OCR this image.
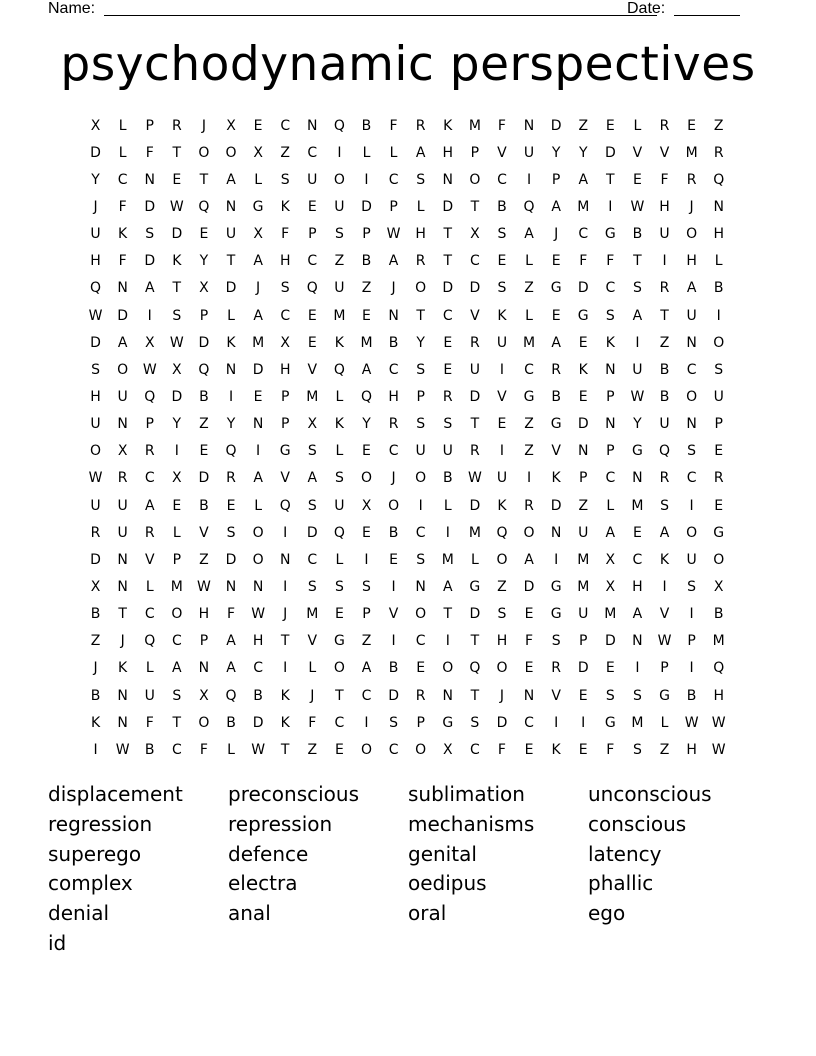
Name:	Date:
psychodynamic perspectives
X	L	P	R	J	X	E	C	N	Q	B	F	R	K	M	F	N	D	Z	E	L	R	E	Z
D	L	F	T	O	O	X	Z	C	I	L	L	A	H	P	V	U	Y	Y	D	V	V	M	R
Y	C	N	E	T	A	L	S	U	O	I	C	S	N	O	C	I	P	A	T	E	F	R	Q
J	F	D	W	Q	N	G	K	E	U	D	P	L	D	T	B	Q	A	M	I	W	H	J	N
U	K	S	D	E	U	X	F	P	S	P	W	H	T	X	S	A	J	C	G	B	U	O	H
H	F	D	K	Y	T	A	H	C	Z	B	A	R	T	C	E	L	E	F	F	T	I	H	L
Q	N	A	T	X	D	J	S	Q	U	Z	J	O	D	D	S	Z	G	D	C	S	R	A	B
W	D	I	S	P	L	A	C	E	M	E	N	T	C	V	K	L	E	G	S	A	T	U	I
D	A	X	W	D	K	M	X	E	K	M	B	Y	E	R	U	M	A	E	K	I	Z	N	O
S	O	W	X	Q	N	D	H	V	Q	A	C	S	E	U	I	C	R	K	N	U	B	C	S
H	U	Q	D	B	I	E	P	M	L	Q	H	P	R	D	V	G	B	E	P	W	B	O	U
U	N	P	Y	Z	Y	N	P	X	K	Y	R	S	S	T	E	Z	G	D	N	Y	U	N	P
O	X	R	I	E	Q	I	G	S	L	E	C	U	U	R	I	Z	V	N	P	G	Q	S	E
W	R	C	X	D	R	A	V	A	S	O	J	O	B	W	U	I	K	P	C	N	R	C	R
U	U	A	E	B	E	L	Q	S	U	X	O	I	L	D	K	R	D	Z	L	M	S	I	E
R	U	R	L	V	S	O	I	D	Q	E	B	C	I	M	Q	O	N	U	A	E	A	O	G
D	N	V	P	Z	D	O	N	C	L	I	E	S	M	L	O	A	I	M	X	C	K	U	O
X	N	L	M	W	N	N	I	S	S	S	I	N	A	G	Z	D	G	M	X	H	I	S	X
B	T	C	O	H	F	W	J	M	E	P	V	O	T	D	S	E	G	U	M	A	V	I	B
Z	J	Q	C	P	A	H	T	V	G	Z	I	C	I	T	H	F	S	P	D	N	W	P	M
J	K	L	A	N	A	C	I	L	O	A	B	E	O	Q	O	E	R	D	E	I	P	I	Q
B	N	U	S	X	Q	B	K	J	T	C	D	R	N	T	J	N	V	E	S	S	G	B	H
K	N	F	T	O	B	D	K	F	C	I	S	P	G	S	D	C	I	I	G	M	L	W W
I	W	B	C	F	L	W	T	Z	E	O	C	O	X	C	F	E	K	E	F	S	Z	H	W
displacement	preconscious	sublimation	unconscious
regression	repression	mechanisms	conscious
superego	defence	genital	latency
complex	electra	oedipus	phallic
denial	anal	oral	ego
id
